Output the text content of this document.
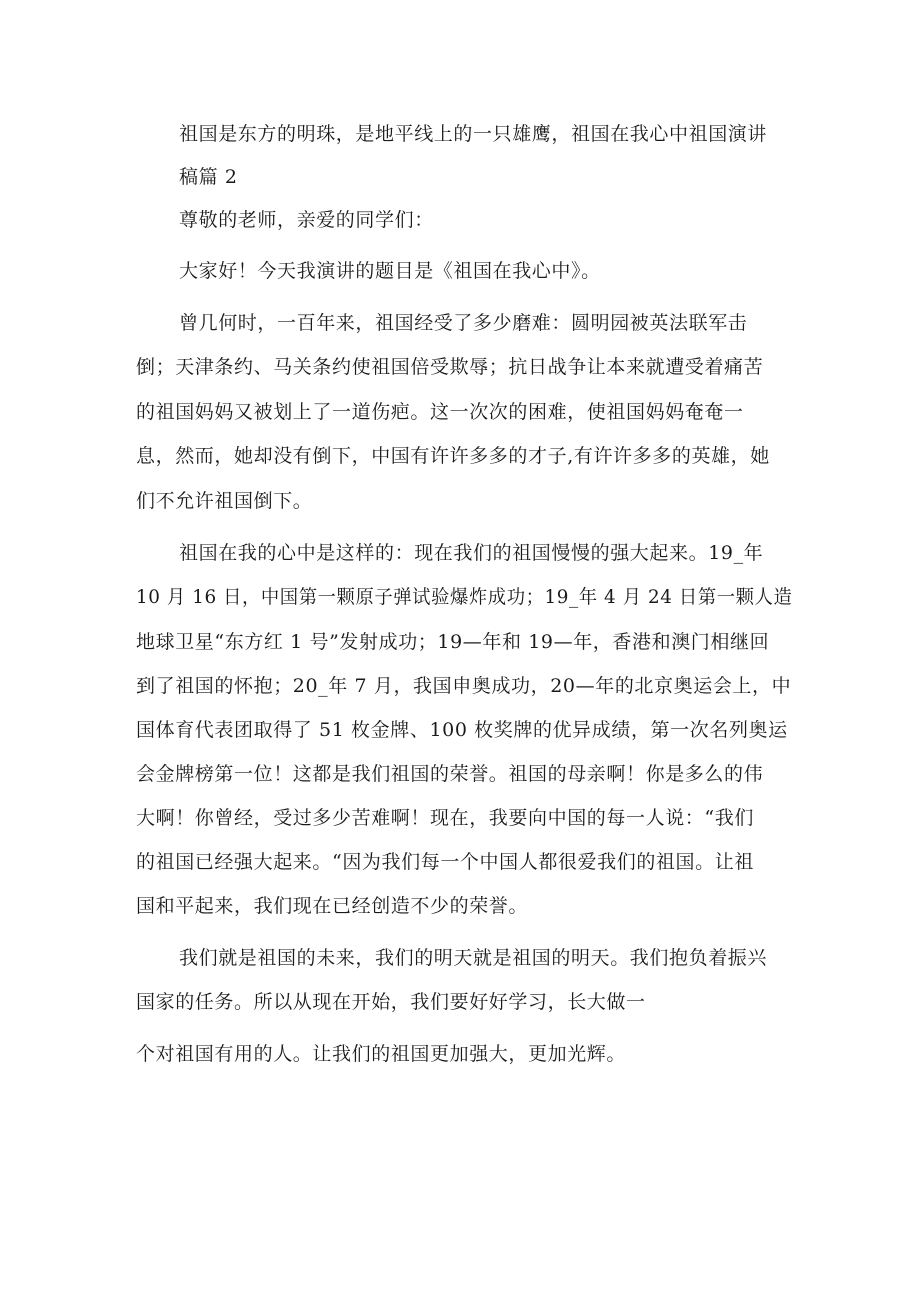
祖国是东方的明珠，是地平线上的一只雄鹰，祖国在我心中祖国演讲
稿篇 2
尊敬的老师，亲爱的同学们：
大家好！今天我演讲的题目是《祖国在我心中》。
曾几何时，一百年来，祖国经受了多少磨难：圆明园被英法联军击
倒；天津条约、马关条约使祖国倍受欺辱；抗日战争让本来就遭受着痛苦
的祖国妈妈又被划上了一道伤疤。这一次次的困难，使祖国妈妈奄奄一
息，然而，她却没有倒下，中国有许许多多的才子,有许许多多的英雄，她
们不允许祖国倒下。
祖国在我的心中是这样的：现在我们的祖国慢慢的强大起来。19_年
10 月 16 日，中国第一颗原子弹试验爆炸成功；19_年 4 月 24 日第一颗人造
地球卫星“东方红 1 号”发射成功；19—年和 19—年，香港和澳门相继回
到了祖国的怀抱；20_年 7 月，我国申奥成功，20—年的北京奥运会上，中
国体育代表团取得了 51 枚金牌、100 枚奖牌的优异成绩，第一次名列奥运
会金牌榜第一位！这都是我们祖国的荣誉。祖国的母亲啊！你是多么的伟
大啊！你曾经，受过多少苦难啊！现在，我要向中国的每一人说：“我们
的祖国已经强大起来。“因为我们每一个中国人都很爱我们的祖国。让祖
国和平起来，我们现在已经创造不少的荣誉。
我们就是祖国的未来，我们的明天就是祖国的明天。我们抱负着振兴
国家的任务。所以从现在开始，我们要好好学习，长大做一
个对祖国有用的人。让我们的祖国更加强大，更加光辉。
